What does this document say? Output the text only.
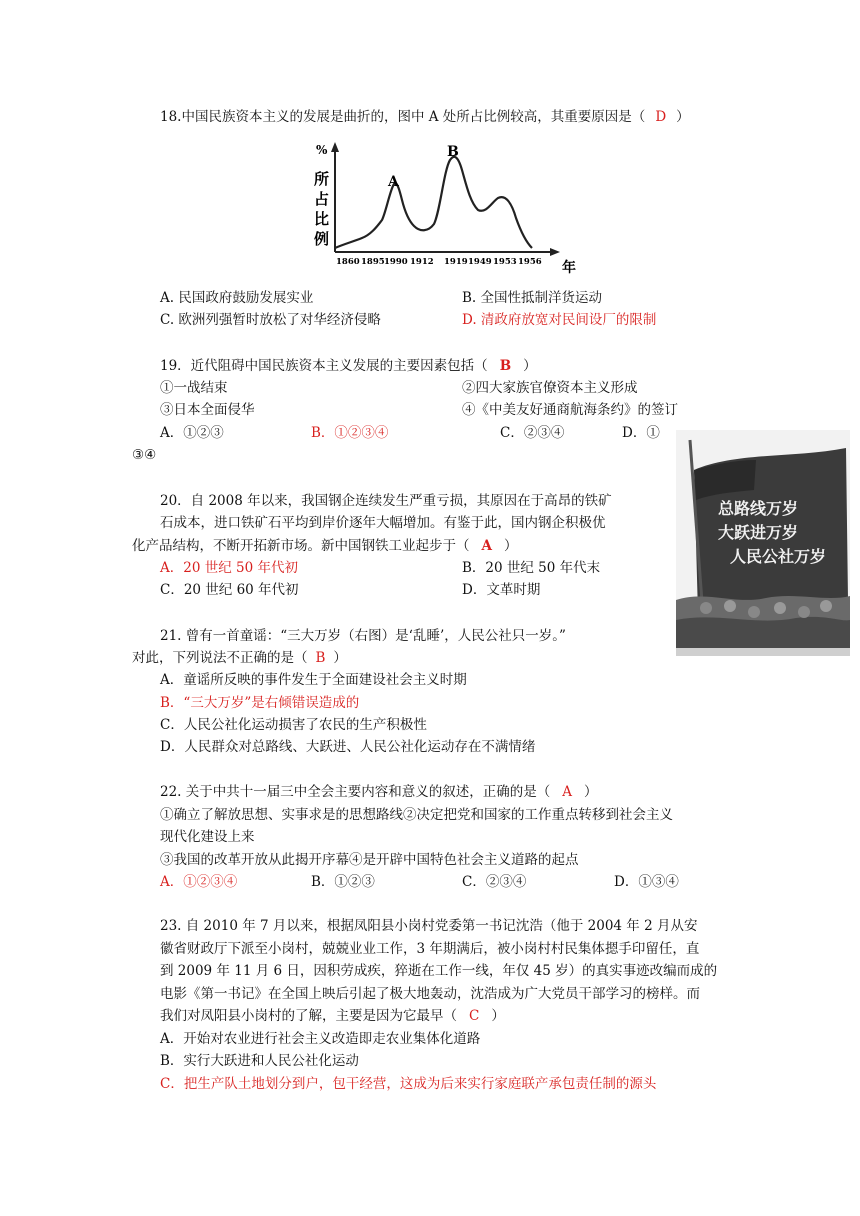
18.中国民族资本主义的发展是曲折的，图中 A 处所占比例较高，其重要原因是（ D ）
%
所
占
比
例
A
B
1860 1895 1990 1912 1919 1949 1953 1956 年
A. 民国政府鼓励发展实业	B. 全国性抵制洋货运动
C. 欧洲列强暂时放松了对华经济侵略	D. 清政府放宽对民间设厂的限制
19．近代阻碍中国民族资本主义发展的主要因素包括（ B ）
①一战结束	②四大家族官僚资本主义形成
③日本全面侵华	④《中美友好通商航海条约》的签订
A．①②③	B．①②③④	C．②③④	D．①
③④
总路线万岁
大跃进万岁
人民公社万岁
20．自 2008 年以来，我国钢企连续发生严重亏损，其原因在于高昂的铁矿
石成本，进口铁矿石平均到岸价逐年大幅增加。有鉴于此，国内钢企积极优
化产品结构，不断开拓新市场。新中国钢铁工业起步于（ A ）
A．20 世纪 50 年代初	B．20 世纪 50 年代末
C．20 世纪 60 年代初	D．文革时期
21. 曾有一首童谣：“三大万岁（右图）是‘乱睡’，人民公社只一岁。”
对此，下列说法不正确的是（ B ）
A．童谣所反映的事件发生于全面建设社会主义时期
B．“三大万岁”是右倾错误造成的
C．人民公社化运动损害了农民的生产积极性
D．人民群众对总路线、大跃进、人民公社化运动存在不满情绪
22. 关于中共十一届三中全会主要内容和意义的叙述，正确的是（ A ）
①确立了解放思想、实事求是的思想路线②决定把党和国家的工作重点转移到社会主义
现代化建设上来
③我国的改革开放从此揭开序幕④是开辟中国特色社会主义道路的起点
A．①②③④	B．①②③	C．②③④	D．①③④
23. 自 2010 年 7 月以来，根据凤阳县小岗村党委第一书记沈浩（他于 2004 年 2 月从安
徽省财政厅下派至小岗村，兢兢业业工作，3 年期满后，被小岗村村民集体摁手印留任，直
到 2009 年 11 月 6 日，因积劳成疾，猝逝在工作一线，年仅 45 岁）的真实事迹改编而成的
电影《第一书记》在全国上映后引起了极大地轰动，沈浩成为广大党员干部学习的榜样。而
我们对凤阳县小岗村的了解，主要是因为它最早（ C ）
A．开始对农业进行社会主义改造即走农业集体化道路
B．实行大跃进和人民公社化运动
C．把生产队土地划分到户，包干经营，这成为后来实行家庭联产承包责任制的源头
